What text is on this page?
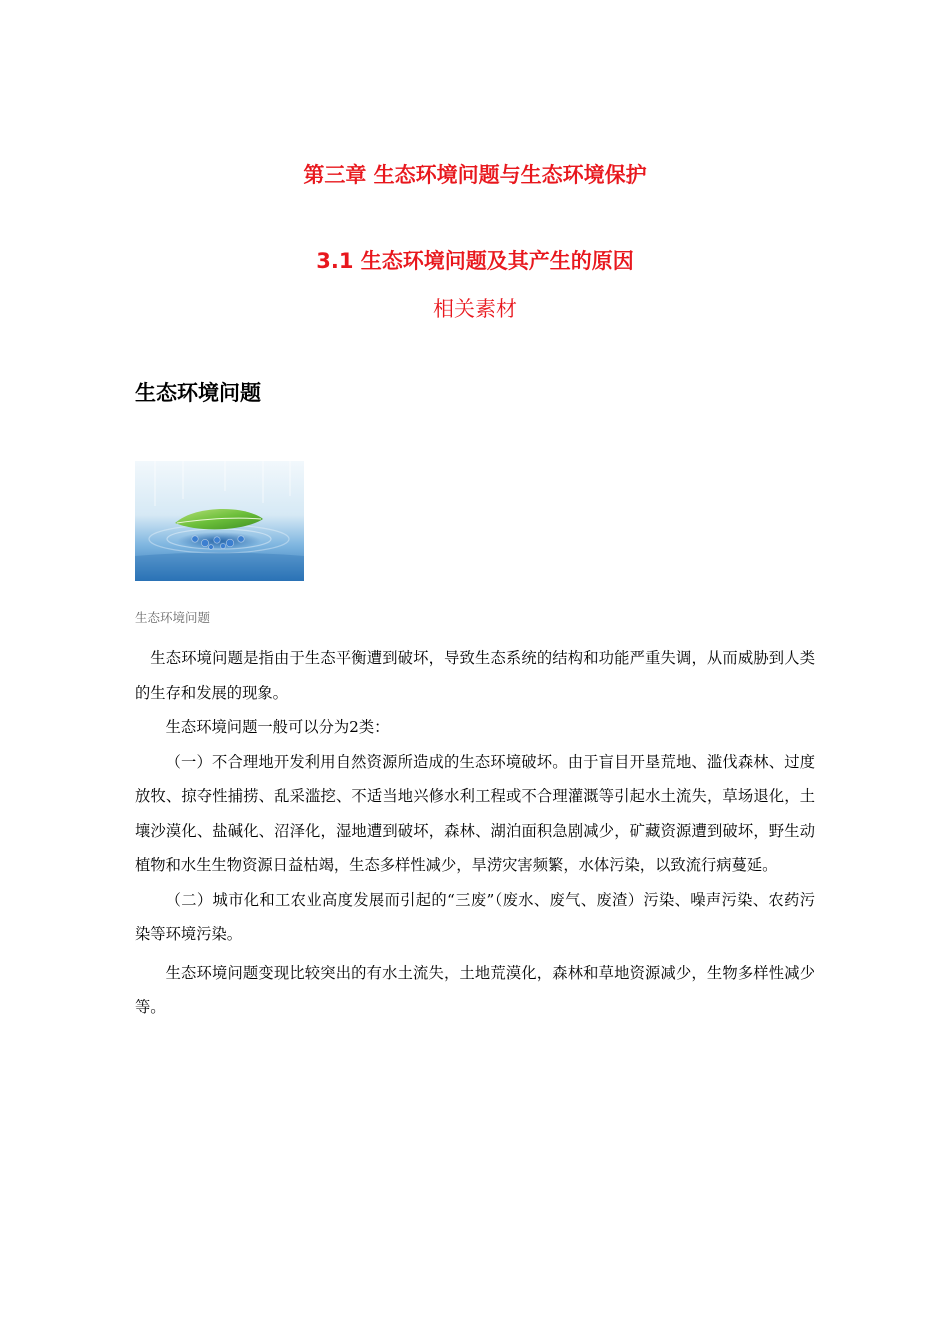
第三章 生态环境问题与生态环境保护
3.1 生态环境问题及其产生的原因
相关素材
生态环境问题
生态环境问题

生态环境问题是指由于生态平衡遭到破坏，导致生态系统的结构和功能严重失调，从而威胁到人类的生存和发展的现象。

生态环境问题一般可以分为2类：

（一）不合理地开发利用自然资源所造成的生态环境破坏。由于盲目开垦荒地、滥伐森林、过度放牧、掠夺性捕捞、乱采滥挖、不适当地兴修水利工程或不合理灌溉等引起水土流失，草场退化，土壤沙漠化、盐碱化、沼泽化，湿地遭到破坏，森林、湖泊面积急剧减少，矿藏资源遭到破坏，野生动植物和水生生物资源日益枯竭，生态多样性减少，旱涝灾害频繁，水体污染，以致流行病蔓延。

（二）城市化和工农业高度发展而引起的“三废”（废水、废气、废渣）污染、噪声污染、农药污染等环境污染。

生态环境问题变现比较突出的有水土流失，土地荒漠化，森林和草地资源减少，生物多样性减少等。
